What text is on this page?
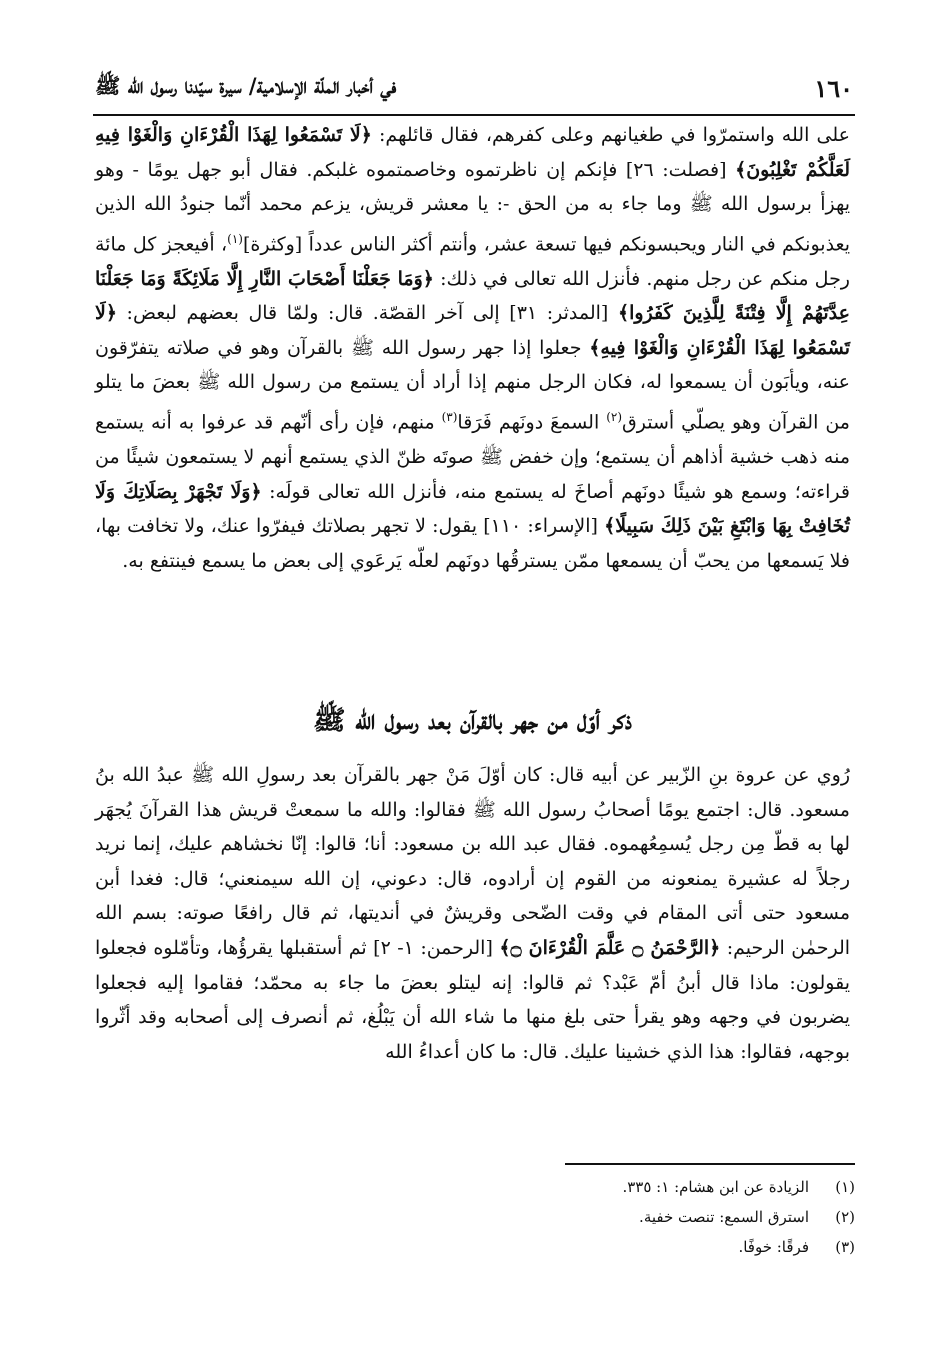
١٦٠
في أخبار الملّة الإسلامية/ سيرة سيّدنا رسول الله ﷺ

على الله واستمرّوا في طغيانهم وعلى كفرهم، فقال قائلهم: ﴿لَا تَسْمَعُوا لِهَذَا الْقُرْءَانِ وَالْغَوْا فِيهِ لَعَلَّكُمْ تَغْلِبُونَ﴾ [فصلت: ٢٦] فإنكم إن ناظرتموه وخاصمتموه غلبكم. فقال أبو جهل يومًا - وهو يهزأ برسول الله ﷺ وما جاء به من الحق -: يا معشر قريش، يزعم محمد أنّما جنودُ الله الذين يعذبونكم في النار ويحبسونكم فيها تسعة عشر، وأنتم أكثر الناس عدداً [وكثرة]$^{(١)}$، أفيعجز كل مائة رجل منكم عن رجل منهم. فأنزل الله تعالى في ذلك: ﴿وَمَا جَعَلْنَا أَصْحَابَ النَّارِ إِلَّا مَلَائِكَةً وَمَا جَعَلْنَا عِدَّتَهُمْ إِلَّا فِتْنَةً لِلَّذِينَ كَفَرُوا﴾ [المدثر: ٣١] إلى آخر القصّة. قال: ولمّا قال بعضهم لبعض: ﴿لَا تَسْمَعُوا لِهَذَا الْقُرْءَانِ وَالْغَوْا فِيهِ﴾ جعلوا إذا جهر رسول الله ﷺ بالقرآن وهو في صلاته يتفرّقون عنه، ويأبَون أن يسمعوا له، فكان الرجل منهم إذا أراد أن يستمع من رسول الله ﷺ بعضَ ما يتلو من القرآن وهو يصلّي أسترق$^{(٢)}$ السمعَ دونَهم فَرَقا$^{(٣)}$ منهم، فإن رأى أنّهم قد عرفوا به أنه يستمع منه ذهب خشية أذاهم أن يستمع؛ وإن خفض ﷺ صوتَه ظنّ الذي يستمع أنهم لا يستمعون شيئًا من قراءته؛ وسمع هو شيئًا دونَهم أصاخَ له يستمع منه، فأنزل الله تعالى قولَه: ﴿وَلَا تَجْهَرْ بِصَلَاتِكَ وَلَا تُخَافِتْ بِهَا وَابْتَغِ بَيْنَ ذَلِكَ سَبِيلًا﴾ [الإسراء: ١١٠] يقول: لا تجهر بصلاتك فيفرّوا عنك، ولا تخافت بها، فلا يَسمعها من يحبّ أن يسمعها ممّن يسترقُها دونَهم لعلّه يَرعَوي إلى بعض ما يسمع فينتفع به.

ذكر أوّل من جهر بالقرآن بعد رسول الله ﷺ

رُوي عن عروة بنِ الزّبير عن أبيه قال: كان أوّلَ مَنْ جهر بالقرآن بعد رسولِ الله ﷺ عبدُ الله بنُ مسعود. قال: اجتمع يومًا أصحابُ رسول الله ﷺ فقالوا: والله ما سمعتْ قريش هذا القرآنَ يُجهَر لها به قطّ مِن رجل يُسمِعُهموه. فقال عبد الله بن مسعود: أنا؛ قالوا: إنّا نخشاهم عليك، إنما نريد رجلاً له عشيرة يمنعونه من القوم إن أرادوه، قال: دعوني، إن الله سيمنعني؛ قال: فغدا أبن مسعود حتى أتى المقام في وقت الضّحى وقريشٌ في أنديتها، ثم قال رافعًا صوته: بسم الله الرحمٰن الرحيم: ﴿الرَّحْمَنُ ۝ عَلَّمَ الْقُرْءَانَ ۝﴾ [الرحمن: ١- ٢] ثم أستقبلها يقرؤُها، وتأمّلوه فجعلوا يقولون: ماذا قال أبنُ أمّ عَبْد؟ ثم قالوا: إنه ليتلو بعضَ ما جاء به محمّد؛ فقاموا إليه فجعلوا يضربون في وجهه وهو يقرأ حتى بلغ منها ما شاء الله أن يَبْلُغ، ثم أنصرف إلى أصحابه وقد أثّروا بوجهه، فقالوا: هذا الذي خشينا عليك. قال: ما كان أعداءُ الله

(١)
الزيادة عن ابن هشام: ١: ٣٣٥.
(٢)
استرق السمع: تنصت خفية.
(٣)
فرقًا: خوفًا.
